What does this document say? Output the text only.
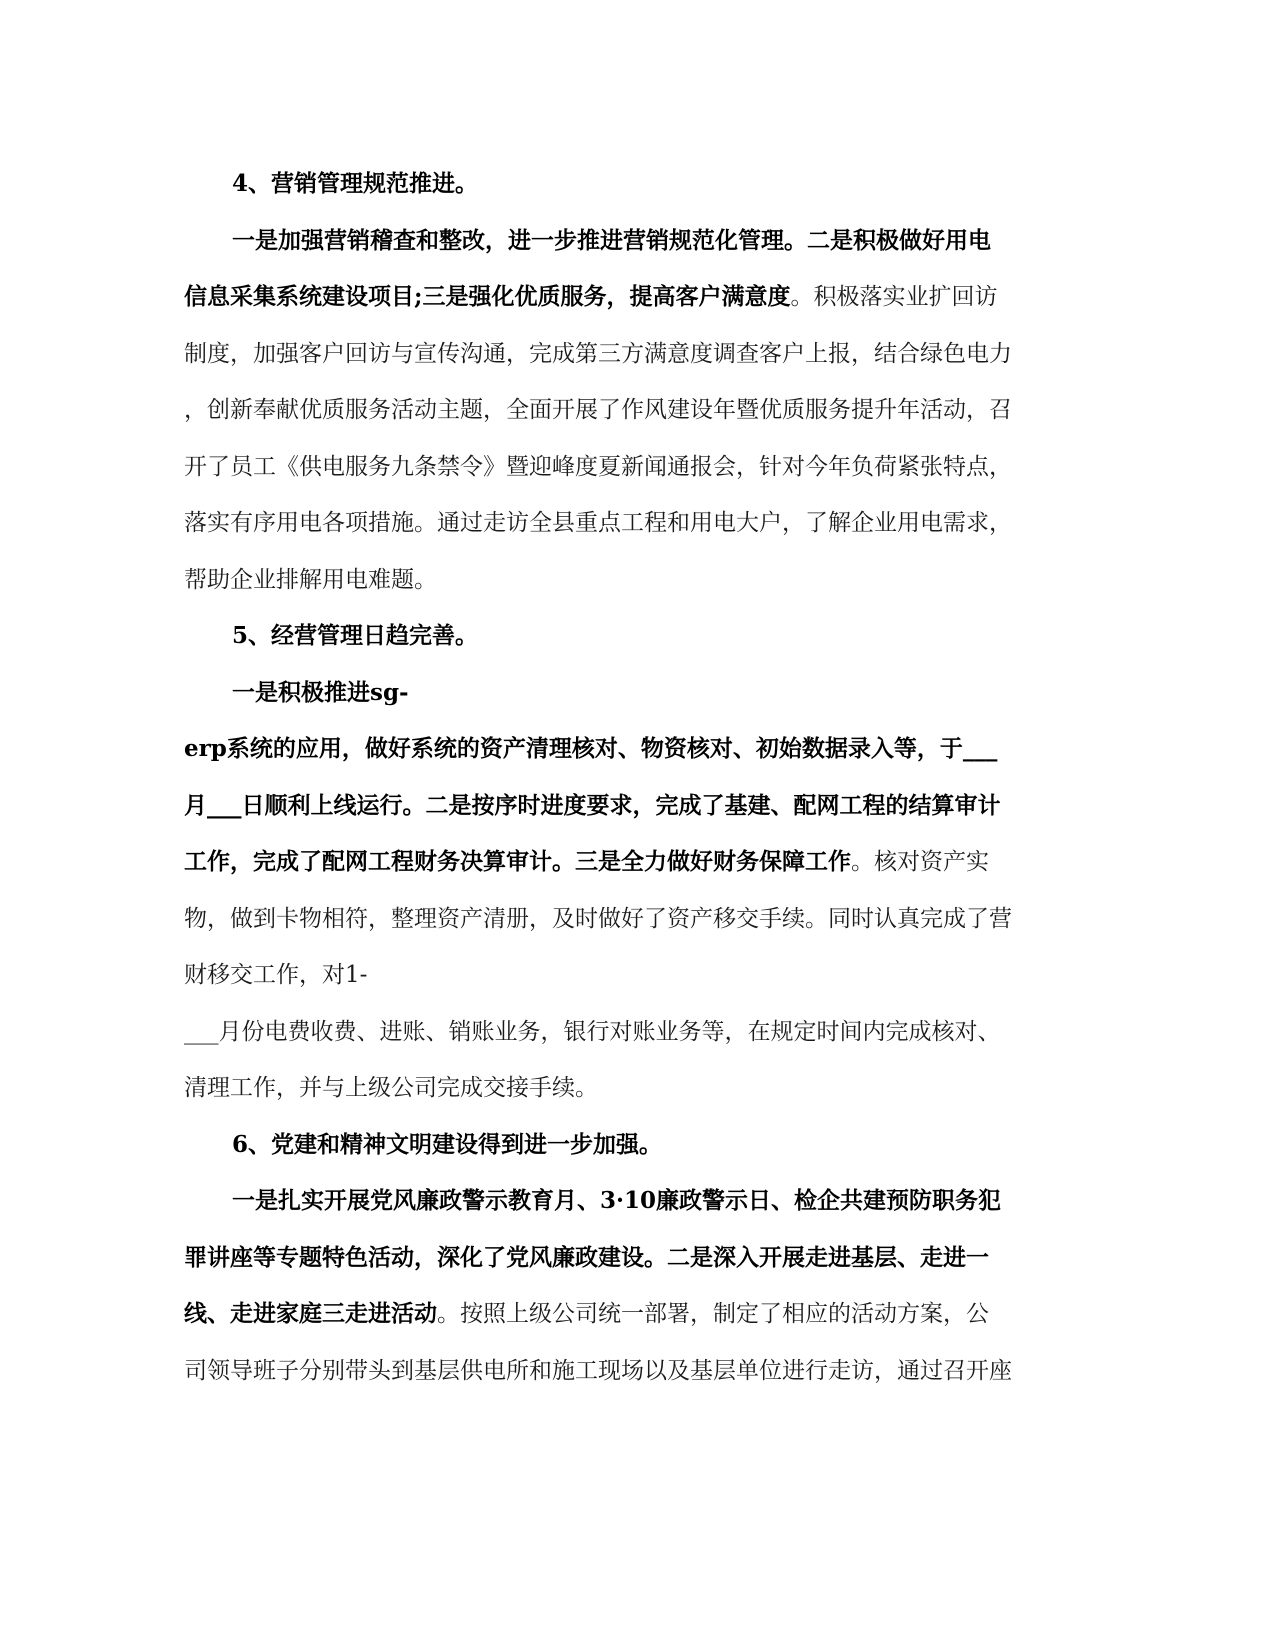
4、营销管理规范推进。

一是加强营销稽查和整改，进一步推进营销规范化管理。二是积极做好用电

信息采集系统建设项目;三是强化优质服务，提高客户满意度。积极落实业扩回访

制度，加强客户回访与宣传沟通，完成第三方满意度调查客户上报，结合绿色电力

，创新奉献优质服务活动主题，全面开展了作风建设年暨优质服务提升年活动，召

开了员工《供电服务九条禁令》暨迎峰度夏新闻通报会，针对今年负荷紧张特点，

落实有序用电各项措施。通过走访全县重点工程和用电大户，了解企业用电需求，

帮助企业排解用电难题。

5、经营管理日趋完善。

一是积极推进sg-

erp系统的应用，做好系统的资产清理核对、物资核对、初始数据录入等，于___

月___日顺利上线运行。二是按序时进度要求，完成了基建、配网工程的结算审计

工作，完成了配网工程财务决算审计。三是全力做好财务保障工作。核对资产实

物，做到卡物相符，整理资产清册，及时做好了资产移交手续。同时认真完成了营

财移交工作，对1-

___月份电费收费、进账、销账业务，银行对账业务等，在规定时间内完成核对、

清理工作，并与上级公司完成交接手续。

6、党建和精神文明建设得到进一步加强。

一是扎实开展党风廉政警示教育月、3·10廉政警示日、检企共建预防职务犯

罪讲座等专题特色活动，深化了党风廉政建设。二是深入开展走进基层、走进一

线、走进家庭三走进活动。按照上级公司统一部署，制定了相应的活动方案，公

司领导班子分别带头到基层供电所和施工现场以及基层单位进行走访，通过召开座
